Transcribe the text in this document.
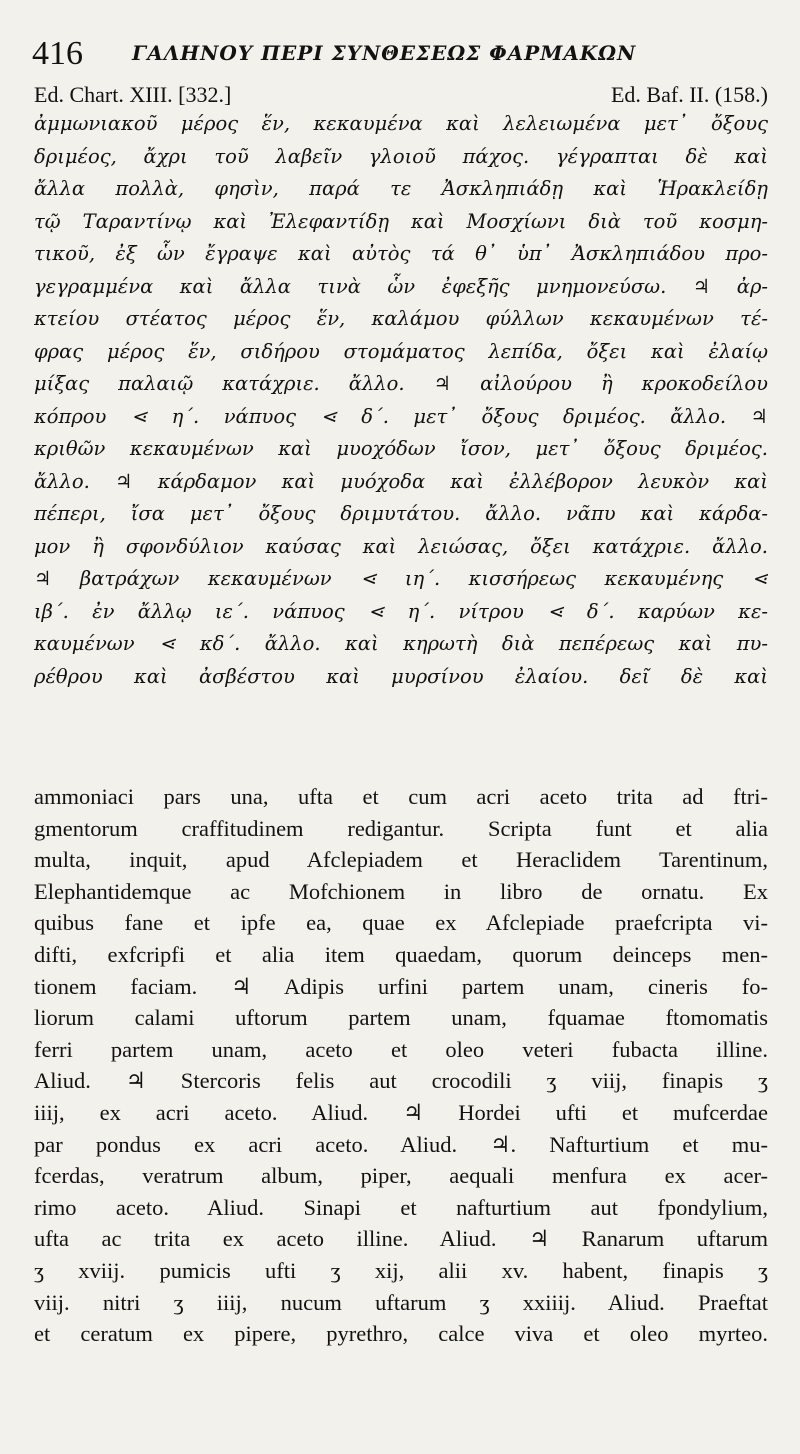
416 ΓΑΛΗΝΟΥ ΠΕΡΙ ΣΥΝΘΕΣΕΩΣ ΦΑΡΜΑΚΩΝ
Ed. Chart. XIII. [332.]	Ed. Baf. II. (158.)
ἀμμωνιακοῦ μέρος ἕν, κεκαυμένα καὶ λελειωμένα μετ᾽ ὄξους
δριμέος, ἄχρι τοῦ λαβεῖν γλοιοῦ πάχος. γέγραπται δὲ καὶ
ἄλλα πολλὰ, φησὶν, παρά τε Ἀσκληπιάδῃ καὶ Ἡρακλείδῃ
τῷ Ταραντίνῳ καὶ Ἐλεφαντίδῃ καὶ Μοσχίωνι διὰ τοῦ κοσμη-
τικοῦ, ἐξ ὧν ἔγραψε καὶ αὐτὸς τά θ᾽ ὑπ᾽ Ἀσκληπιάδου προ-
γεγραμμένα καὶ ἄλλα τινὰ ὧν ἐφεξῆς μνημονεύσω. ♃ ἀρ-
κτείου στέατος μέρος ἕν, καλάμου φύλλων κεκαυμένων τέ-
φρας μέρος ἕν, σιδήρου στομάματος λεπίδα, ὄξει καὶ ἐλαίῳ
μίξας παλαιῷ κατάχριε. ἄλλο. ♃ αἰλούρου ἢ κροκοδείλου
κόπρου ⋖ η΄. νάπυος ⋖ δ΄. μετ᾽ ὄξους δριμέος. ἄλλο. ♃
κριθῶν κεκαυμένων καὶ μυοχόδων ἴσον, μετ᾽ ὄξους δριμέος.
ἄλλο. ♃ κάρδαμον καὶ μυόχοδα καὶ ἐλλέβορον λευκὸν καὶ
πέπερι, ἴσα μετ᾽ ὄξους δριμυτάτου. ἄλλο. νᾶπυ καὶ κάρδα-
μον ἢ σφονδύλιον καύσας καὶ λειώσας, ὄξει κατάχριε. ἄλλο.
♃ βατράχων κεκαυμένων ⋖ ιη΄. κισσήρεως κεκαυμένης ⋖
ιβ΄. ἐν ἄλλῳ ιε΄. νάπυος ⋖ η΄. νίτρου ⋖ δ΄. καρύων κε-
καυμένων ⋖ κδ΄. ἄλλο. καὶ κηρωτὴ διὰ πεπέρεως καὶ πυ-
ρέθρου καὶ ἀσβέστου καὶ μυρσίνου ἐλαίου. δεῖ δὲ καὶ
ammoniaci pars una, ufta et cum acri aceto trita ad ftri-
gmentorum craffitudinem redigantur. Scripta funt et alia
multa, inquit, apud Afclepiadem et Heraclidem Tarentinum,
Elephantidemque ac Mofchionem in libro de ornatu. Ex
quibus fane et ipfe ea, quae ex Afclepiade praefcripta vi-
difti, exfcripfi et alia item quaedam, quorum deinceps men-
tionem faciam. ♃ Adipis urfini partem unam, cineris fo-
liorum calami uftorum partem unam, fquamae ftomomatis
ferri partem unam, aceto et oleo veteri fubacta illine.
Aliud. ♃ Stercoris felis aut crocodili ʒ viij, finapis ʒ
iiij, ex acri aceto. Aliud. ♃ Hordei ufti et mufcerdae
par pondus ex acri aceto. Aliud. ♃. Nafturtium et mu-
fcerdas, veratrum album, piper, aequali menfura ex acer-
rimo aceto. Aliud. Sinapi et nafturtium aut fpondylium,
ufta ac trita ex aceto illine. Aliud. ♃ Ranarum uftarum
ʒ xviij. pumicis ufti ʒ xij, alii xv. habent, finapis ʒ
viij. nitri ʒ iiij, nucum uftarum ʒ xxiiij. Aliud. Praeftat
et ceratum ex pipere, pyrethro, calce viva et oleo myrteo.
